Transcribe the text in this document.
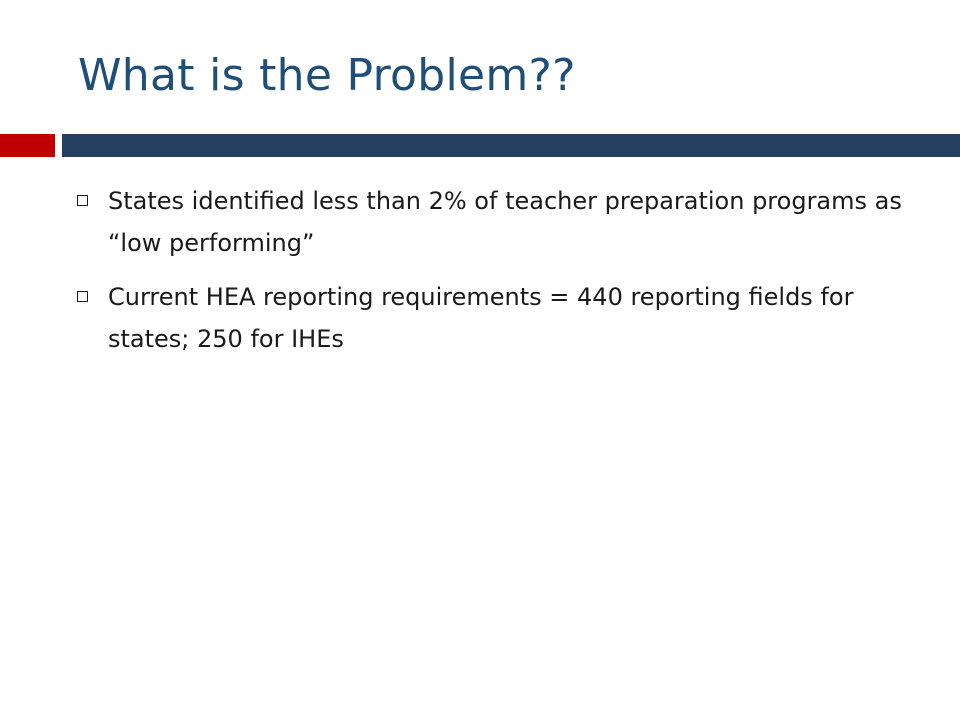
What is the Problem??
States identified less than 2% of teacher preparation programs as “low performing”
Current HEA reporting requirements = 440 reporting fields for states; 250 for IHEs
